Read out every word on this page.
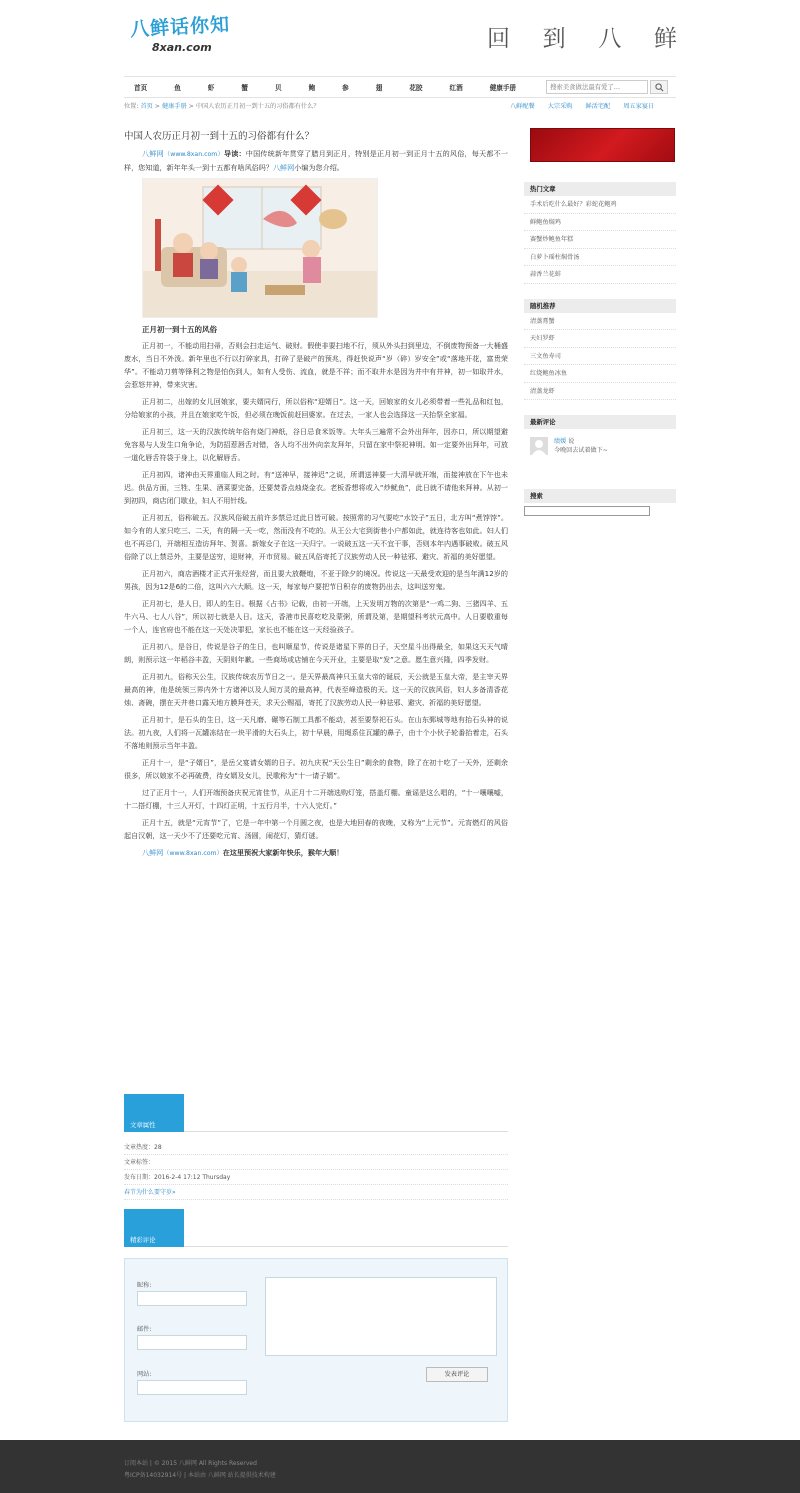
八鲜话你知
8xan.com	回 到 八 鲜
首页	鱼	虾	蟹	贝	鲍	参	翅	花胶	红酒	健康手册
搜索美食做法最有爱了...
位置: 首页 > 健康手册 > 中国人农历正月初一到十五的习俗都有什么？	八鲜配餐 大宗采购 鲜活宅配 周五家宴日
中国人农历正月初一到十五的习俗都有什么？
八鲜网（www.8xan.com）导读：中国传统新年贯穿了腊月到正月，特别是正月初一到正月十五的风俗，每天都不一样，您知道，新年年头一到十五都有啥风俗吗？八鲜网小编为您介绍。
正月初一到十五的风俗
正月初一，不能动用扫帚，否则会扫走运气、破财。假使非要扫地不行，须从外头扫到里边，不倒废物预备一大桶盛废水，当日不外泼。新年里也不行以打碎家具，打碎了是破产的预兆，得赶快说声“岁（碎）岁安全”或“落地开花，富贵荣华”。不能动刀剪等锋利之物是怕伤到人，如有人受伤、流血，就是不祥；而不取井水是因为井中有井神，初一如取井水，会惹怒井神，带来灾害。
正月初二，出嫁的女儿回娘家，要夫婿同行，所以俗称“迎婿日”。这一天，回娘家的女儿必须带着一些礼品和红包，分给娘家的小孩，并且在娘家吃午饭，但必须在晚饭前赶回婆家。在过去，一家人也会选择这一天抬祭全家福。
正月初三，这一天的汉族传统年俗有烧门神纸，谷日忌食米饭等。大年头三遍常不会外出拜年，因亦口，所以期望避免容易与人发生口角争论，为防招惹唇舌对错，各人均不出外向亲友拜年，只留在家中祭祀神明。如一定要外出拜年，可放一道化唇舌符袋于身上，以化解唇舌。
正月初四，诸神由天界重临人间之时。有“送神早，接神迟”之说，所谓送神要一大清早就开端，而接神放在下午也未迟。供品方面，三牲、生果、酒菜要完备，还要焚香点烛烧金衣。老板香想将或入“炒鱿鱼”，此日就不请他来拜神。从初一到初四，商店闭门歇业，妇人不用针线。
正月初五，俗称破五。汉族风俗破五前许多禁忌过此日皆可破。按照常的习气要吃“水饺子”五日，北方叫“煮饽饽”。如今有的人家只吃三、二天，有的隔一天一吃，然而没有不吃的。从王公大宅到街巷小户都如此，就连待客也如此。妇人们也不再忌门，开端相互造访拜年、贺喜。新嫁女子在这一天归宁。一说破五这一天不宜干事，否则本年内遇事破败。破五风俗除了以上禁忌外，主要是送穷，迎财神，开市贸易。破五风俗寄托了汉族劳动人民一种祛邪、避灾、祈福的美好愿望。
正月初六，商店酒楼才正式开张经营，而且要大放鞭炮，不亚于除夕的境况。传说这一天最受欢迎的是当年满12岁的男孩，因为12是6的二倍，这叫六六大顺。这一天，每家每户要把节日积存的废物扔出去，这叫送穷鬼。
正月初七，是人日，即人的生日。根据《占书》记载，由初一开端，上天发明万物的次第是“一鸡二狗、三猪四羊、五牛六马、七人八谷”，所以初七就是人日。这天，香港市民喜吃吃及蒙粥，所谓及第，是期望科考状元高中。人日要敬重每一个人，连官府也不能在这一天处决罪犯，家长也不能在这一天经验孩子。
正月初八，是谷日，传说是谷子的生日，也叫顺星节，传说是诸星下界的日子，天空星斗出得最全，如果这天天气晴朗，则预示这一年稻谷丰盈，天阴则年歉。一些商场或店铺在今天开业，主要是取“发”之意。愿生意兴隆，四季发财。
正月初九，俗称天公生，汉族传统农历节日之一。是天界最高神只玉皇大帝的诞辰，天公就是玉皇大帝，是主宰天界最高的神，他是统领三界内外十方诸神以及人间万灵的最高神，代表至峰造极的天。这一天的汉族风俗，妇人多备清香花烛、斋碗，摆在天井巷口露天地方膜拜苍天，求天公赐福，寄托了汉族劳动人民一种祛邪、避灾、祈福的美好愿望。
正月初十，是石头的生日，这一天凡磨、碾等石制工具都不能动，甚至要祭祀石头。在山东鄄城等地有抬石头神的说法。初九夜，人们将一瓦罐冻结在一块平滑的大石头上，初十早晨，用绳系住瓦罐的鼻子，由十个小伙子轮番抬着走，石头不落地则预示当年丰盈。
正月十一，是“子婿日”，是岳父宴请女婿的日子。初九庆祝“天公生日”剩余的食物，除了在初十吃了一天外，还剩余很多，所以娘家不必再破费，待女婿及女儿，民歌称为“十一请子婿”。
过了正月十一，人们开端预备庆祝元宵佳节，从正月十二开端选购灯笼，搭盖灯棚。童谣是这么唱的，“十一嚷嚷嘘，十二搭灯棚，十三人开灯，十四灯正明，十五行月半，十六人完灯。”
正月十五，就是“元宵节”了，它是一年中第一个月圆之夜，也是大地回春的夜晚，又称为“上元节”。元宵燃灯的风俗起自汉朝，这一天少不了还要吃元宵、汤圆，闹花灯，猜灯谜。
八鲜网（www.8xan.com）在这里预祝大家新年快乐，猴年大顺！
文章属性
文章热度：28
文章标签：
发布日期：2016-2-4 17:12 Thursday
春节为什么要守岁»
精彩评论
昵称:
邮件:
网站:	发表评论
热门文章
手术后吃什么最好？彩蛇花鲍鸡
鲜鲍鱼焖鸡
赛蟹炒鲍鱼年糕
白萝卜瑶柱焖骨汤
蒜香兰花蚌
随机推荐
清蒸膏蟹
天妇罗虾
三文鱼寿司
红烧鲍鱼冰鱼
清蒸龙虾
最新评论
绩媛 说
今晚回去试着做下~
搜索
订阅本站 | © 2015 八鲜网 All Rights Reserved
粤ICP备14032914号 | 本站由 八鲜网 站长提供技术构建
